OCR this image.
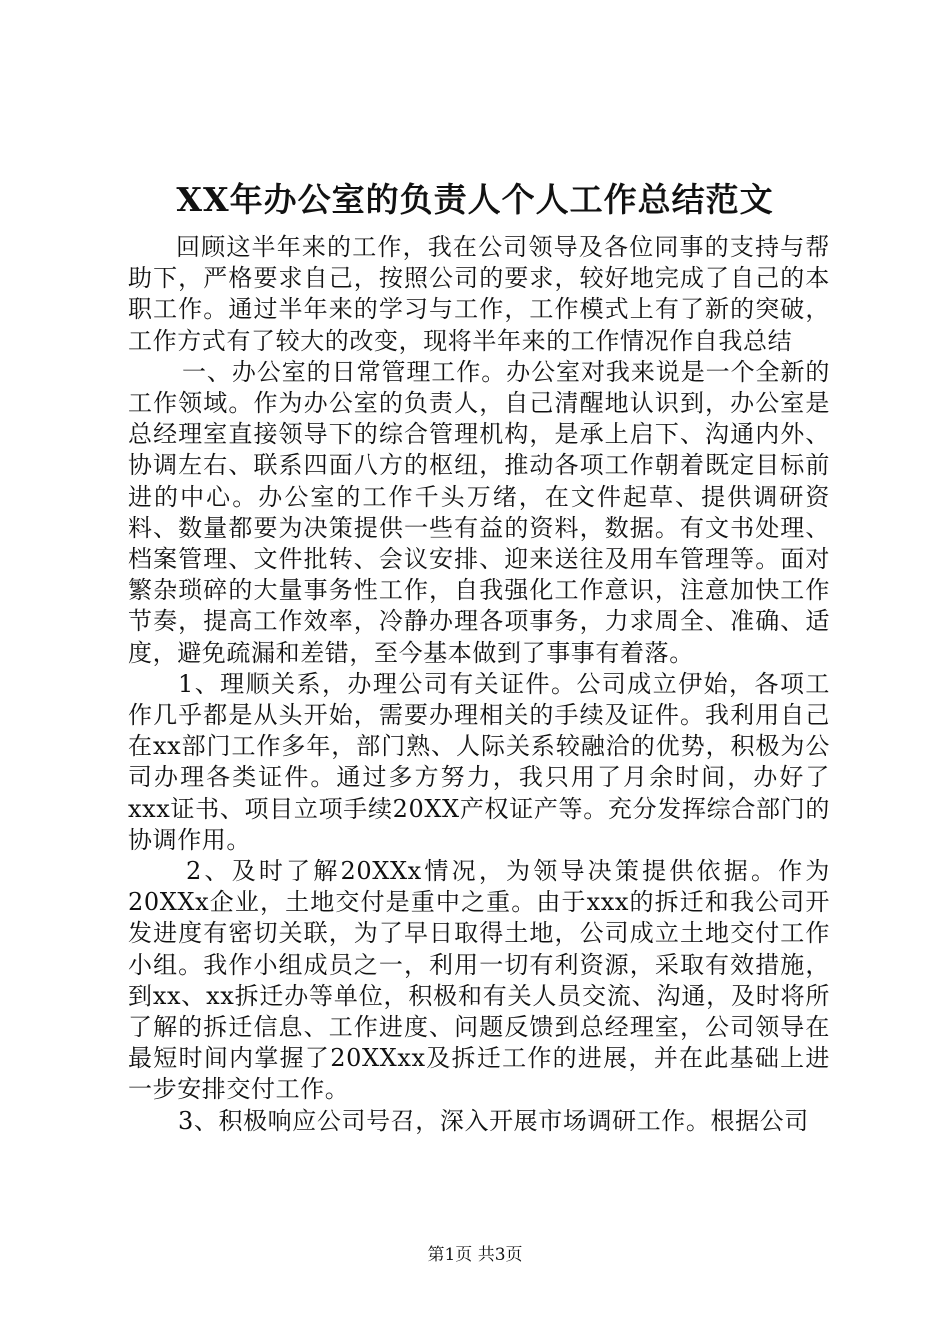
XX年办公室的负责人个人工作总结范文

回顾这半年来的工作，我在公司领导及各位同事的支持与帮助下，严格要求自己，按照公司的要求，较好地完成了自己的本职工作。通过半年来的学习与工作，工作模式上有了新的突破，工作方式有了较大的改变，现将半年来的工作情况作自我总结

一、办公室的日常管理工作。办公室对我来说是一个全新的工作领域。作为办公室的负责人，自己清醒地认识到，办公室是总经理室直接领导下的综合管理机构，是承上启下、沟通内外、协调左右、联系四面八方的枢纽，推动各项工作朝着既定目标前进的中心。办公室的工作千头万绪，在文件起草、提供调研资料、数量都要为决策提供一些有益的资料，数据。有文书处理、档案管理、文件批转、会议安排、迎来送往及用车管理等。面对繁杂琐碎的大量事务性工作，自我强化工作意识，注意加快工作节奏，提高工作效率，冷静办理各项事务，力求周全、准确、适度，避免疏漏和差错，至今基本做到了事事有着落。

1、理顺关系，办理公司有关证件。公司成立伊始，各项工作几乎都是从头开始，需要办理相关的手续及证件。我利用自己在xx部门工作多年，部门熟、人际关系较融洽的优势，积极为公司办理各类证件。通过多方努力，我只用了月余时间，办好了xxx证书、项目立项手续20XX产权证产等。充分发挥综合部门的协调作用。

2、及时了解20XXx情况，为领导决策提供依据。作为20XXx企业，土地交付是重中之重。由于xxx的拆迁和我公司开发进度有密切关联，为了早日取得土地，公司成立土地交付工作小组。我作小组成员之一，利用一切有利资源，采取有效措施，到xx、xx拆迁办等单位，积极和有关人员交流、沟通，及时将所了解的拆迁信息、工作进度、问题反馈到总经理室，公司领导在最短时间内掌握了20XXxx及拆迁工作的进展，并在此基础上进一步安排交付工作。

3、积极响应公司号召，深入开展市场调研工作。根据公司

第1页 共3页
